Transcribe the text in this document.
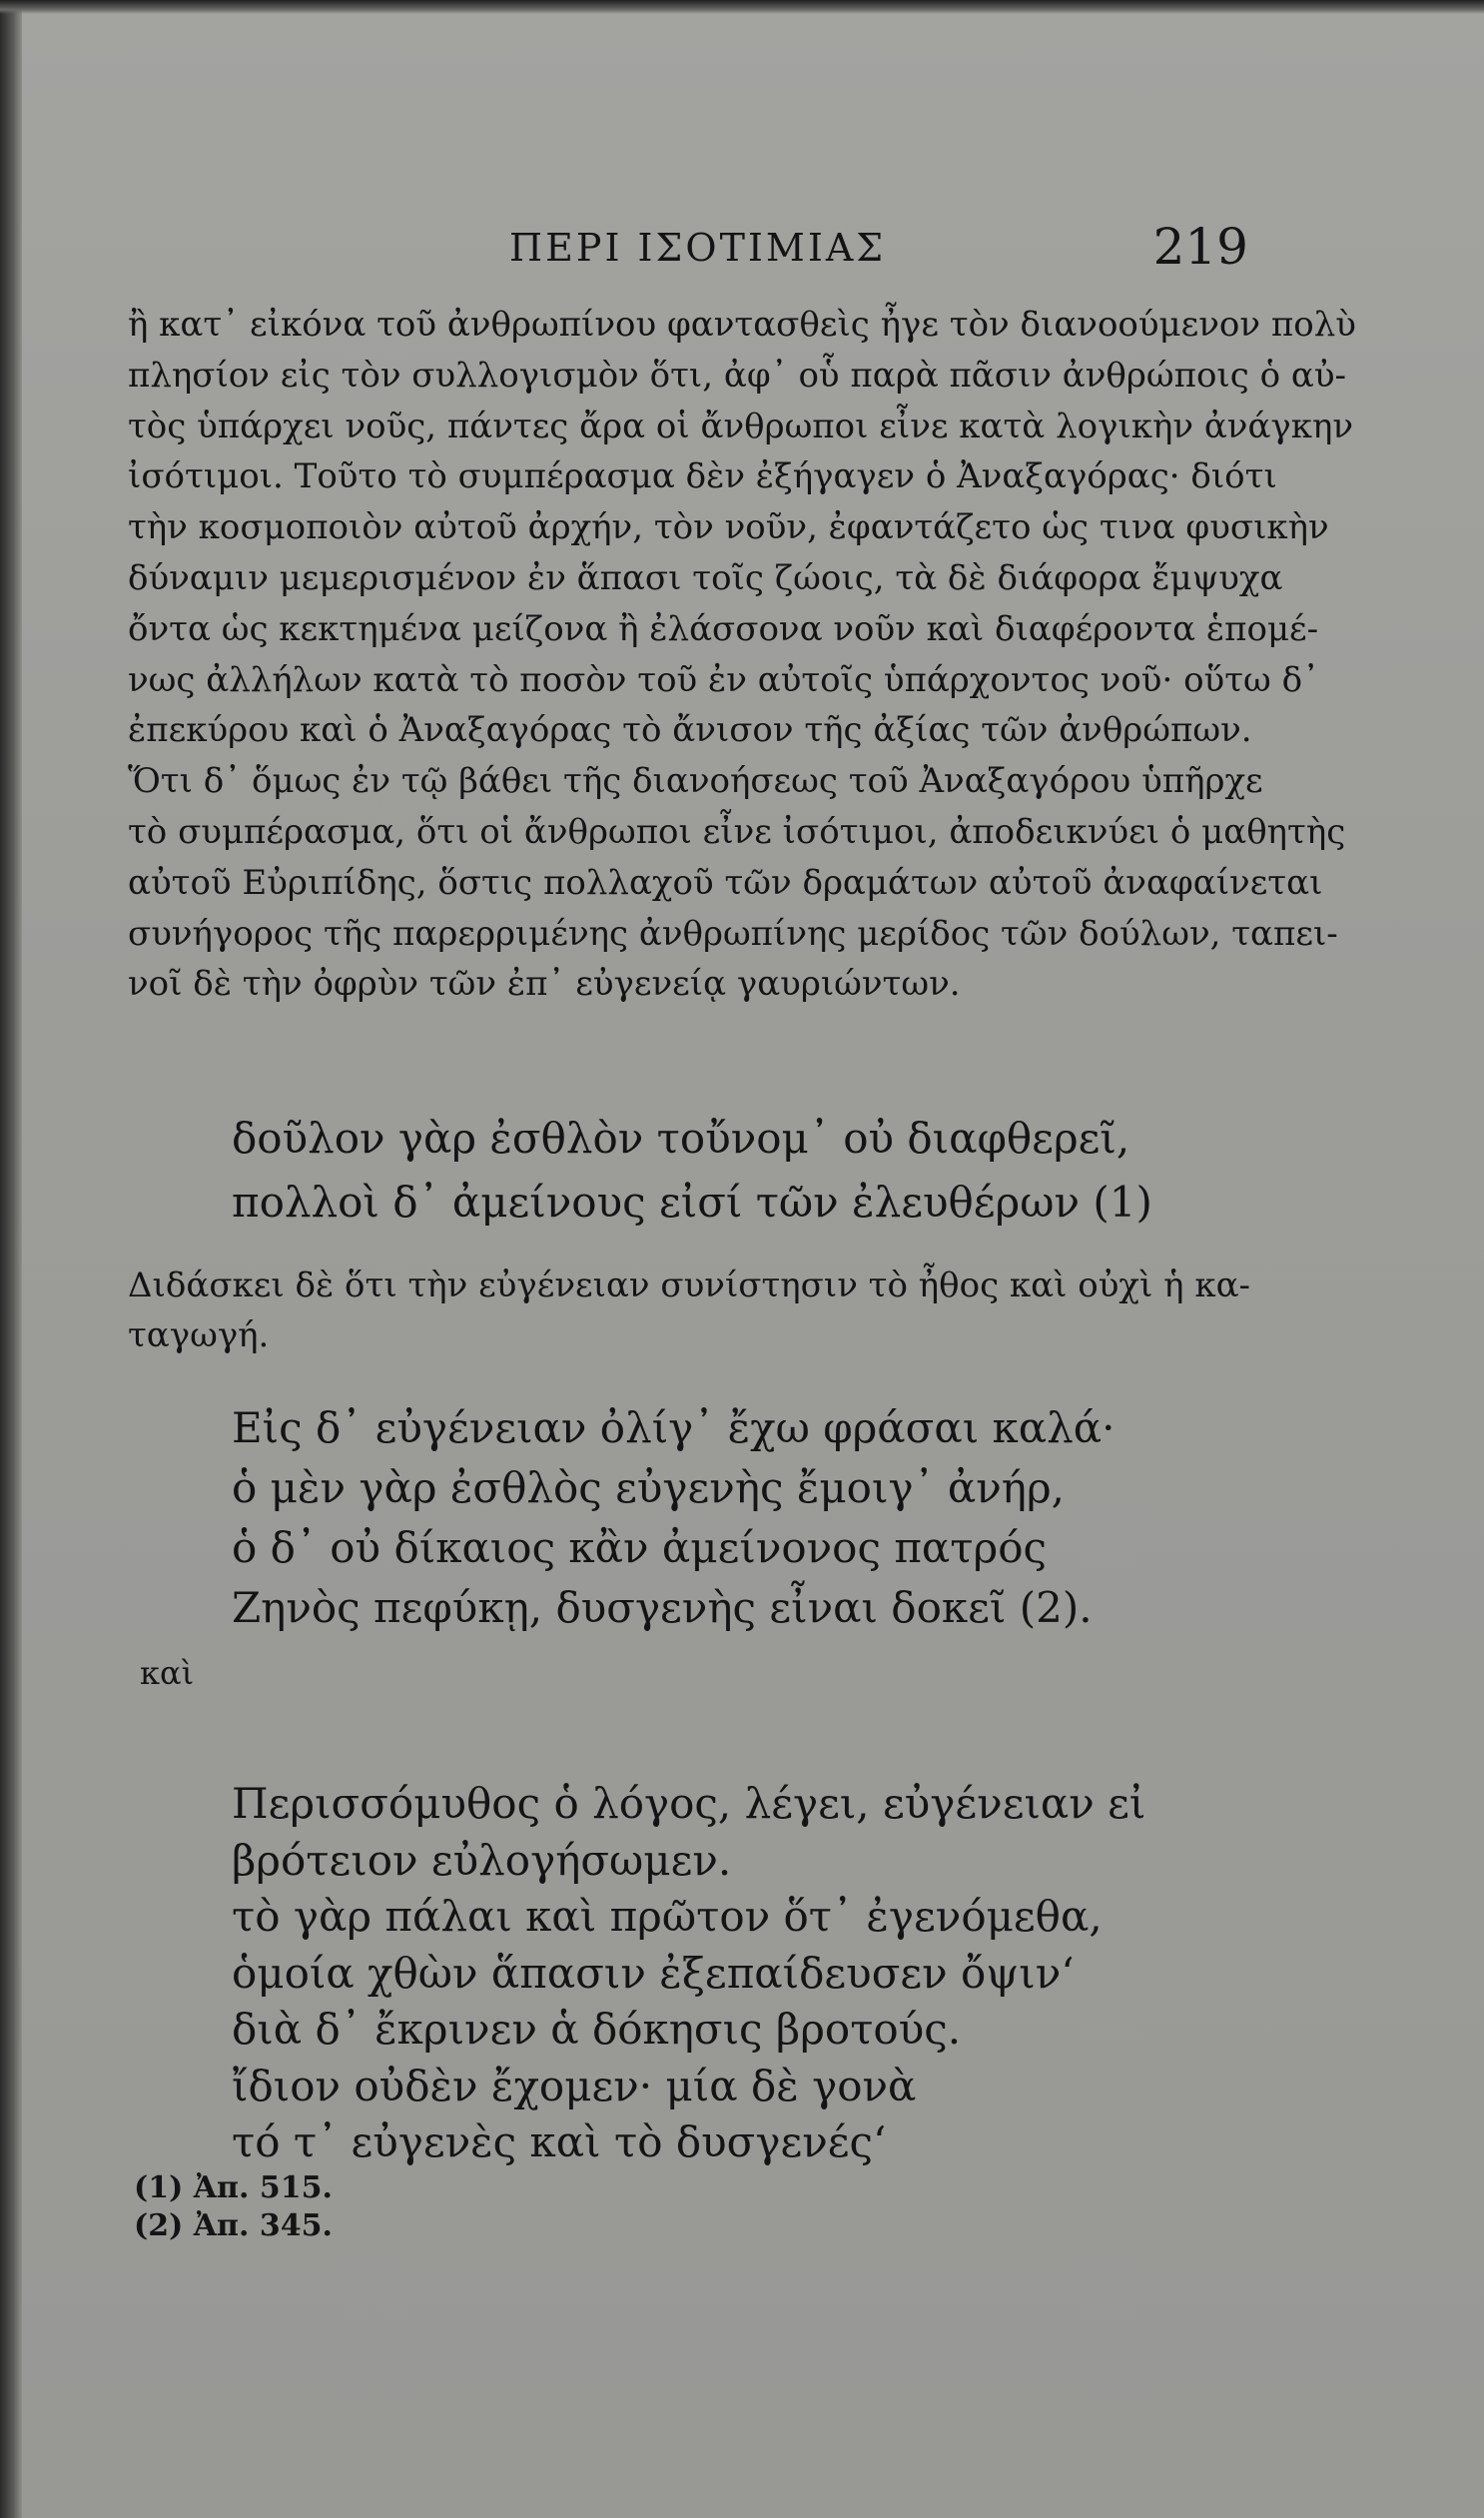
ΠΕΡΙ ΙΣΟΤΙΜΙΑΣ	219
ἢ κατ᾽ εἰκόνα τοῦ ἀνθρωπίνου φαντασθεὶς ἦγε τὸν διανοούμενον πολὺ
πλησίον εἰς τὸν συλλογισμὸν ὅτι, ἀφ᾽ οὗ παρὰ πᾶσιν ἀνθρώποις ὁ αὐ-
τὸς ὑπάρχει νοῦς, πάντες ἄρα οἱ ἄνθρωποι εἶνε κατὰ λογικὴν ἀνάγκην
ἰσότιμοι. Τοῦτο τὸ συμπέρασμα δὲν ἐξήγαγεν ὁ Ἀναξαγόρας· διότι
τὴν κοσμοποιὸν αὐτοῦ ἀρχήν, τὸν νοῦν, ἐφαντάζετο ὡς τινα φυσικὴν
δύναμιν μεμερισμένον ἐν ἅπασι τοῖς ζώοις, τὰ δὲ διάφορα ἔμψυχα
ὄντα ὡς κεκτημένα μείζονα ἢ ἐλάσσονα νοῦν καὶ διαφέροντα ἑπομέ-
νως ἀλλήλων κατὰ τὸ ποσὸν τοῦ ἐν αὐτοῖς ὑπάρχοντος νοῦ· οὕτω δ᾽
ἐπεκύρου καὶ ὁ Ἀναξαγόρας τὸ ἄνισον τῆς ἀξίας τῶν ἀνθρώπων.
Ὅτι δ᾽ ὅμως ἐν τῷ βάθει τῆς διανοήσεως τοῦ Ἀναξαγόρου ὑπῆρχε
τὸ συμπέρασμα, ὅτι οἱ ἄνθρωποι εἶνε ἰσότιμοι, ἀποδεικνύει ὁ μαθητὴς
αὐτοῦ Εὐριπίδης, ὅστις πολλαχοῦ τῶν δραμάτων αὐτοῦ ἀναφαίνεται
συνήγορος τῆς παρερριμένης ἀνθρωπίνης μερίδος τῶν δούλων, ταπει-
νοῖ δὲ τὴν ὀφρὺν τῶν ἐπ᾽ εὐγενείᾳ γαυριώντων.
δοῦλον γὰρ ἐσθλὸν τοὔνομ᾽ οὐ διαφθερεῖ,
πολλοὶ δ᾽ ἀμείνους εἰσί τῶν ἐλευθέρων (1)
Διδάσκει δὲ ὅτι τὴν εὐγένειαν συνίστησιν τὸ ἦθος καὶ οὐχὶ ἡ κα-
ταγωγή.
Εἰς δ᾽ εὐγένειαν ὀλίγ᾽ ἔχω φράσαι καλά·
ὁ μὲν γὰρ ἐσθλὸς εὐγενὴς ἔμοιγ᾽ ἀνήρ,
ὁ δ᾽ οὐ δίκαιος κἂν ἀμείνονος πατρός
Ζηνὸς πεφύκῃ, δυσγενὴς εἶναι δοκεῖ (2).
καὶ
Περισσόμυθος ὁ λόγος, λέγει, εὐγένειαν εἰ
βρότειον εὐλογήσωμεν.
τὸ γὰρ πάλαι καὶ πρῶτον ὅτ᾽ ἐγενόμεθα,
ὁμοία χθὼν ἅπασιν ἐξεπαίδευσεν ὄψιν‘
διὰ δ᾽ ἔκρινεν ἁ δόκησις βροτούς.
ἴδιον οὐδὲν ἔχομεν· μία δὲ γονὰ
τό τ᾽ εὐγενὲς καὶ τὸ δυσγενές‘
(1) Ἀπ. 515.
(2) Ἀπ. 345.
